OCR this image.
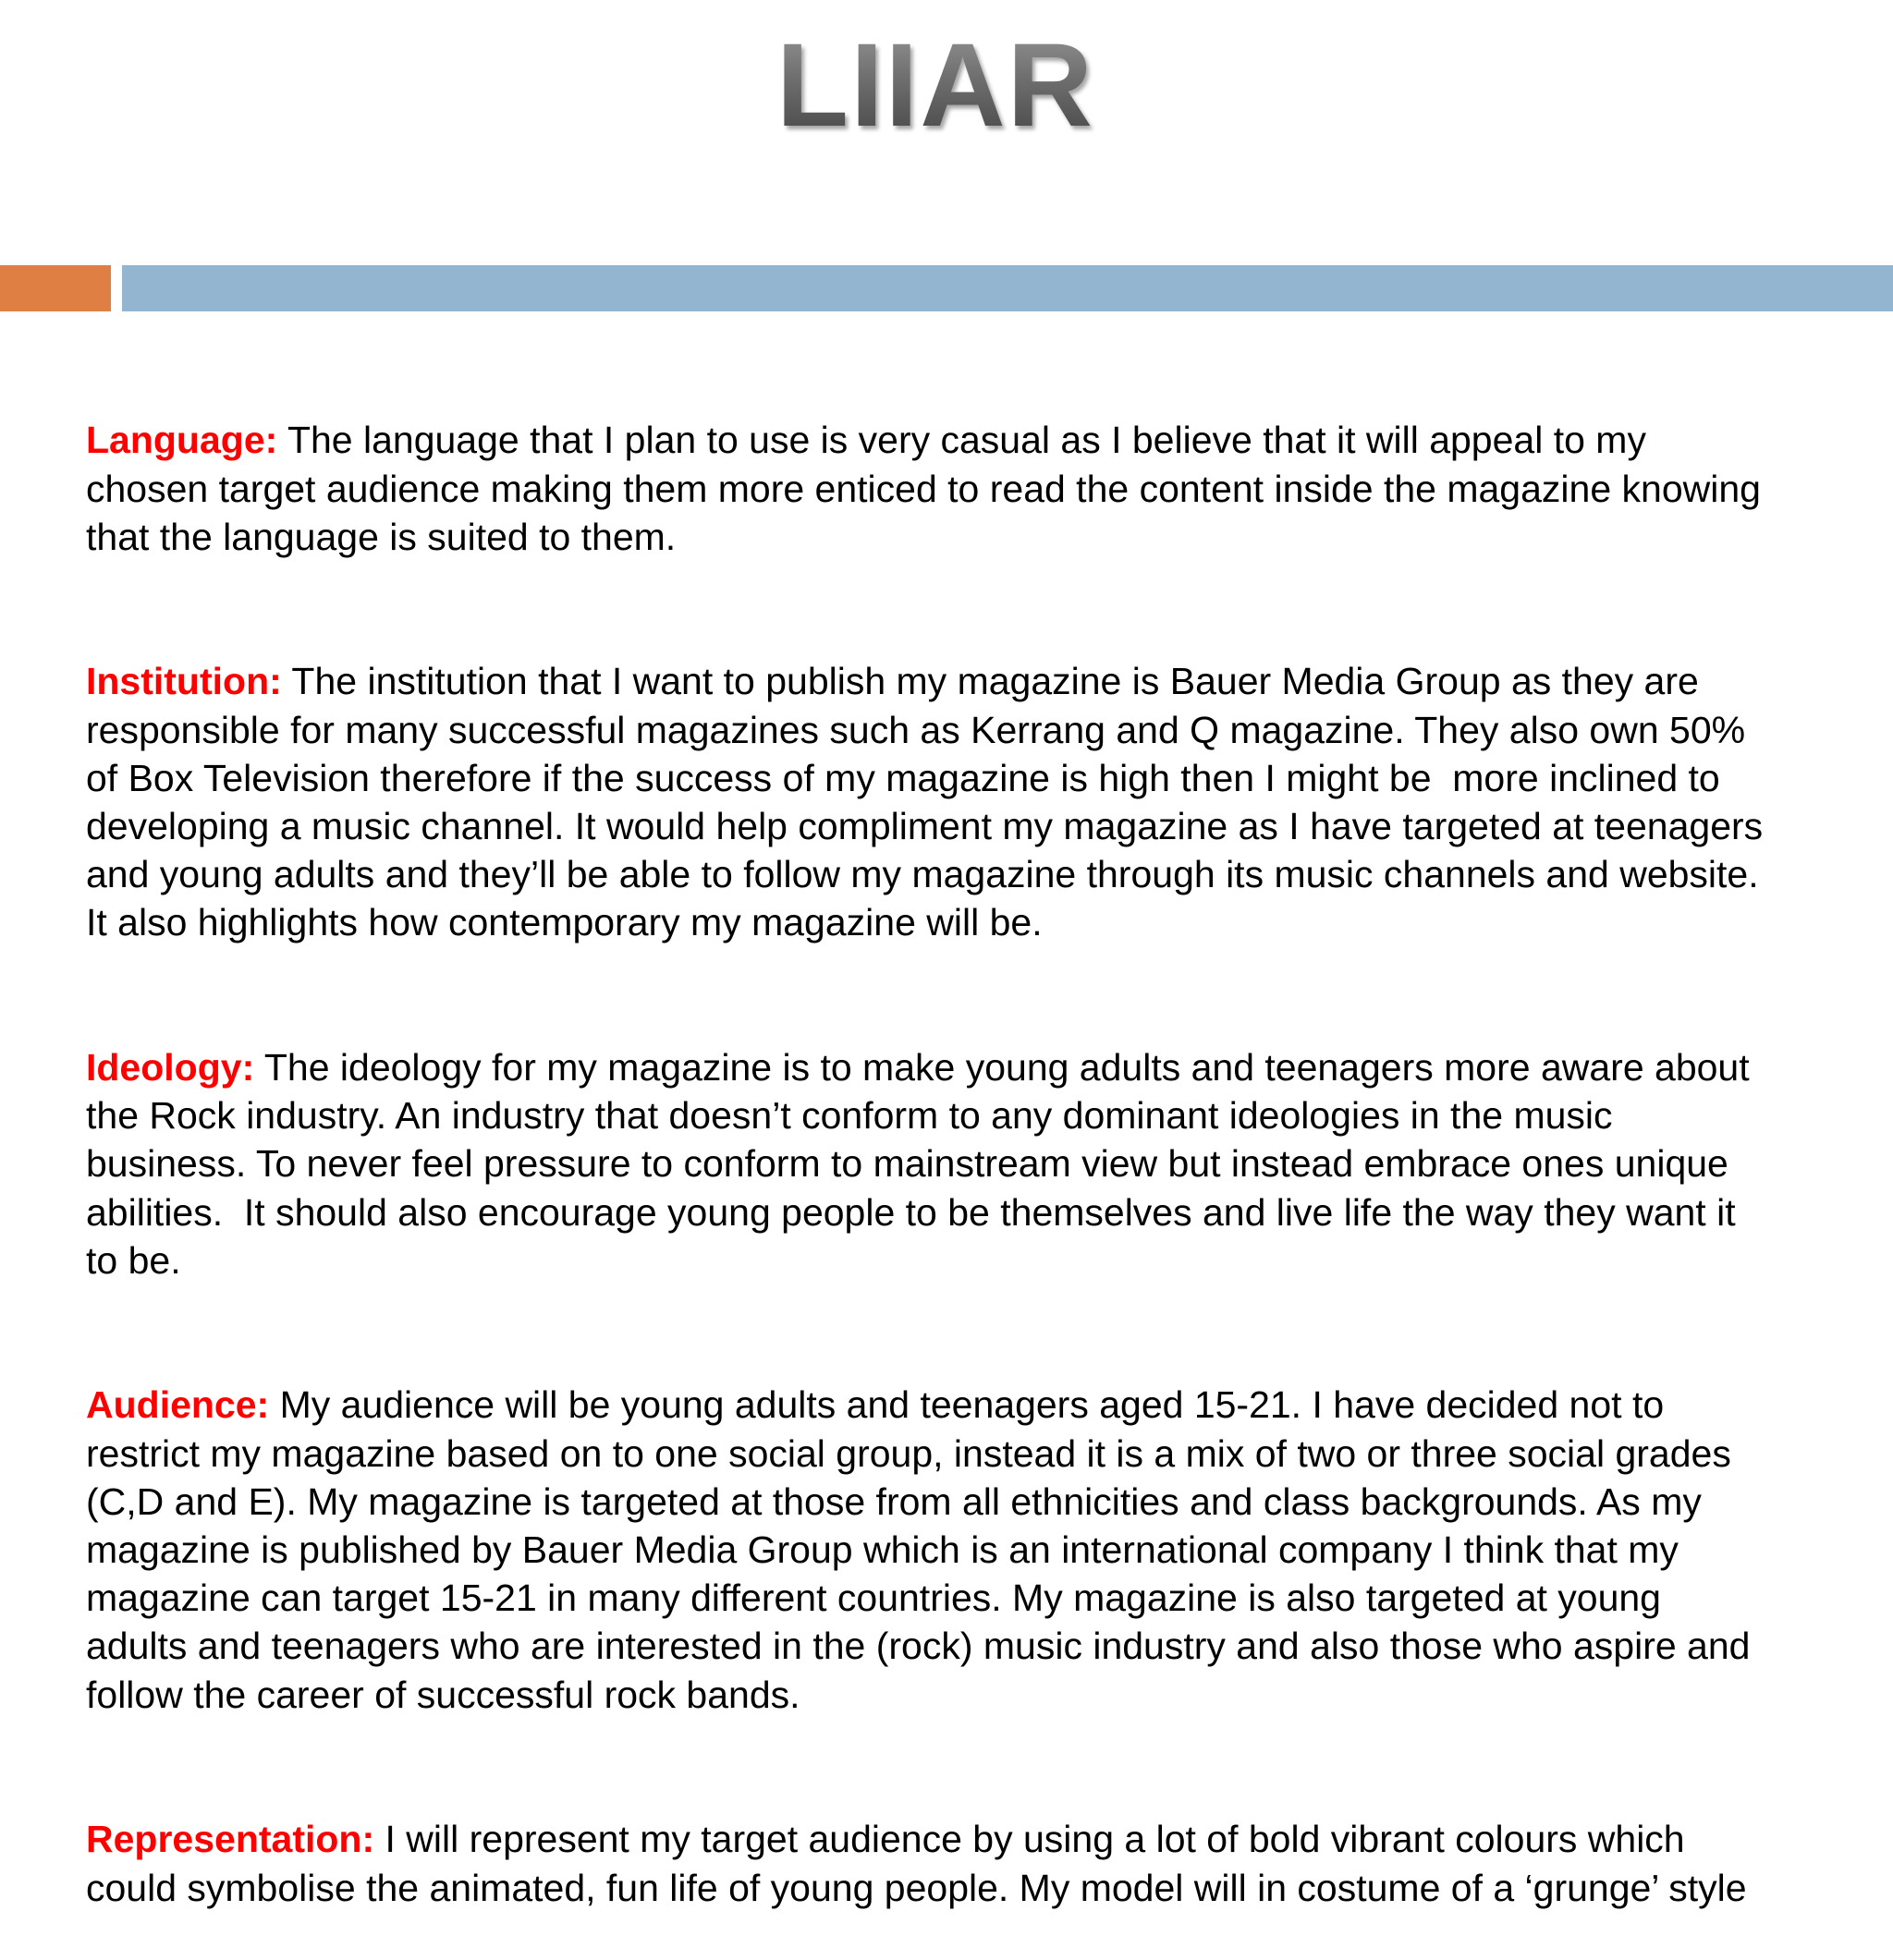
LIIAR

Language: The language that I plan to use is very casual as I believe that it will appeal to my
chosen target audience making them more enticed to read the content inside the magazine knowing
that the language is suited to them.

Institution: The institution that I want to publish my magazine is Bauer Media Group as they are
responsible for many successful magazines such as Kerrang and Q magazine. They also own 50%
of Box Television therefore if the success of my magazine is high then I might be  more inclined to
developing a music channel. It would help compliment my magazine as I have targeted at teenagers
and young adults and they’ll be able to follow my magazine through its music channels and website.
It also highlights how contemporary my magazine will be.

Ideology: The ideology for my magazine is to make young adults and teenagers more aware about
the Rock industry. An industry that doesn’t conform to any dominant ideologies in the music
business. To never feel pressure to conform to mainstream view but instead embrace ones unique
abilities.  It should also encourage young people to be themselves and live life the way they want it
to be.

Audience: My audience will be young adults and teenagers aged 15-21. I have decided not to
restrict my magazine based on to one social group, instead it is a mix of two or three social grades
(C,D and E). My magazine is targeted at those from all ethnicities and class backgrounds. As my
magazine is published by Bauer Media Group which is an international company I think that my
magazine can target 15-21 in many different countries. My magazine is also targeted at young
adults and teenagers who are interested in the (rock) music industry and also those who aspire and
follow the career of successful rock bands.

Representation: I will represent my target audience by using a lot of bold vibrant colours which
could symbolise the animated, fun life of young people. My model will in costume of a ‘grunge’ style
